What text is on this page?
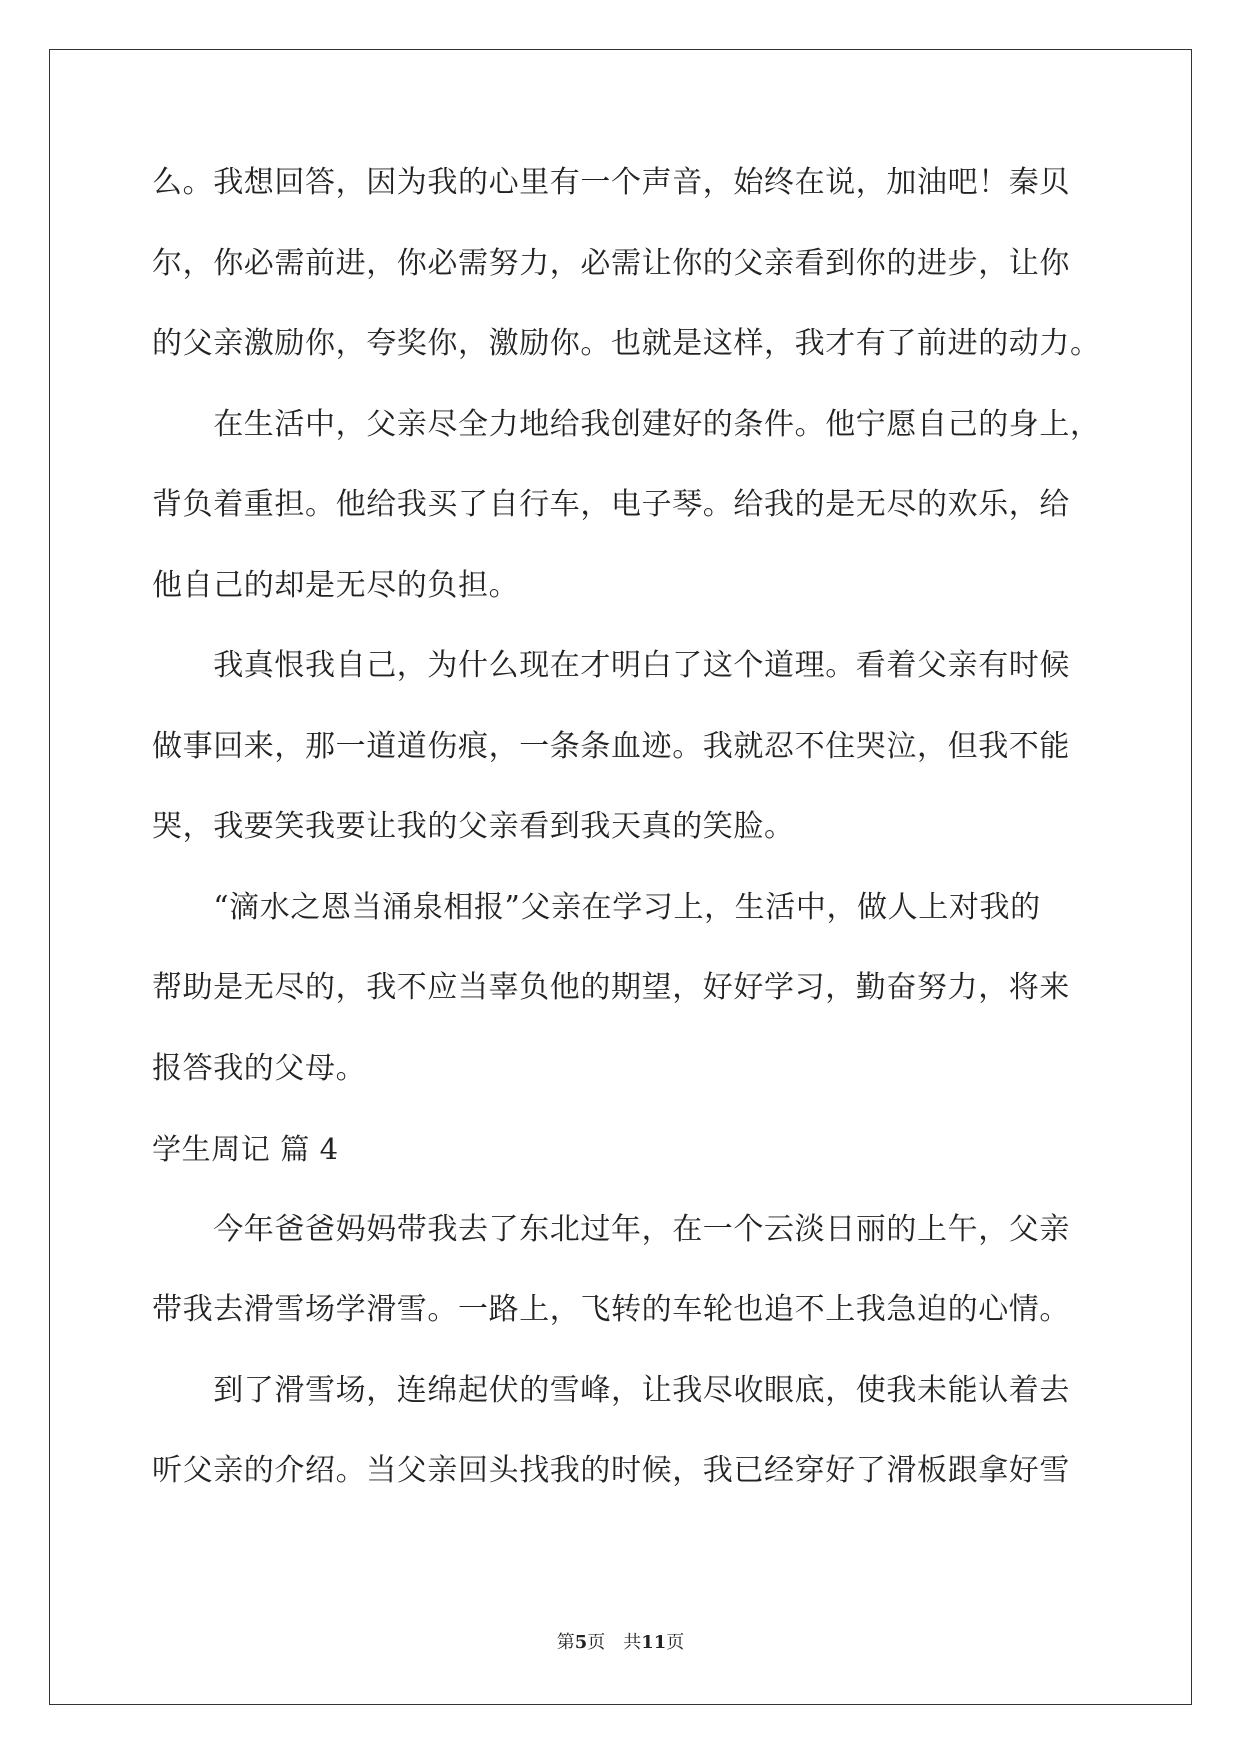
么。我想回答，因为我的心里有一个声音，始终在说，加油吧！秦贝
尔，你必需前进，你必需努力，必需让你的父亲看到你的进步，让你
的父亲激励你，夸奖你，激励你。也就是这样，我才有了前进的动力。
　　在生活中，父亲尽全力地给我创建好的条件。他宁愿自己的身上，
背负着重担。他给我买了自行车，电子琴。给我的是无尽的欢乐，给
他自己的却是无尽的负担。
　　我真恨我自己，为什么现在才明白了这个道理。看着父亲有时候
做事回来，那一道道伤痕，一条条血迹。我就忍不住哭泣，但我不能
哭，我要笑我要让我的父亲看到我天真的笑脸。
　　“滴水之恩当涌泉相报”父亲在学习上，生活中，做人上对我的
帮助是无尽的，我不应当辜负他的期望，好好学习，勤奋努力，将来
报答我的父母。
学生周记 篇 4
　　今年爸爸妈妈带我去了东北过年，在一个云淡日丽的上午，父亲
带我去滑雪场学滑雪。一路上，飞转的车轮也追不上我急迫的心情。
　　到了滑雪场，连绵起伏的雪峰，让我尽收眼底，使我未能认着去
听父亲的介绍。当父亲回头找我的时候，我已经穿好了滑板跟拿好雪
第5页 共11页
